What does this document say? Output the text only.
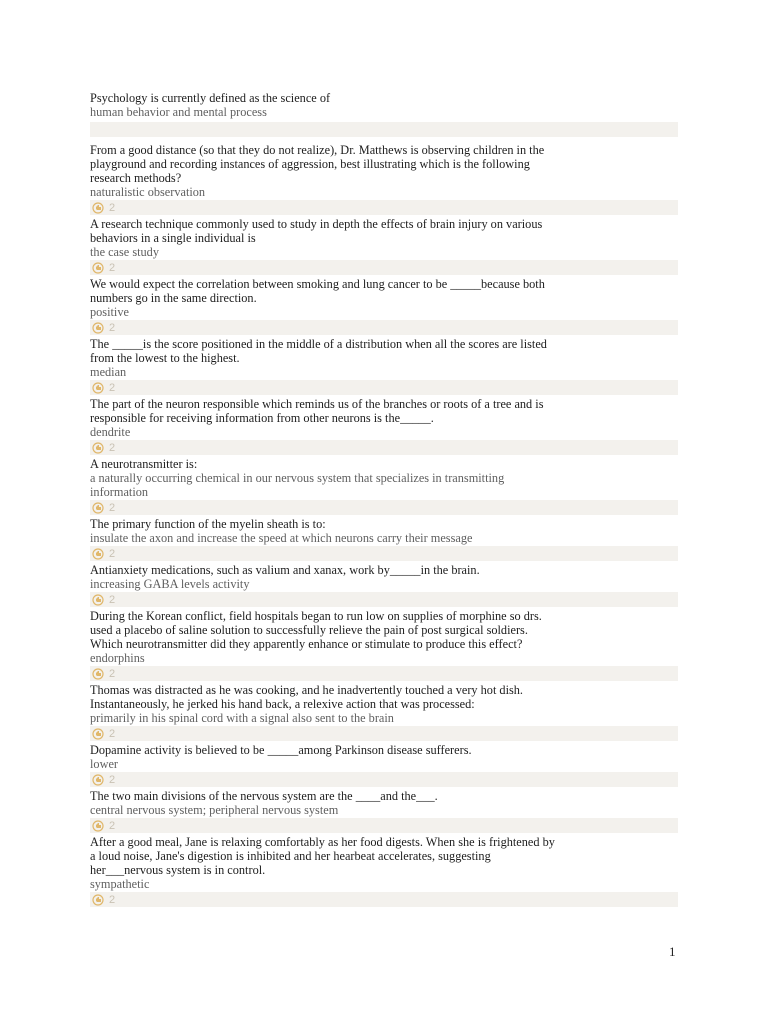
Psychology is currently defined as the science of

human behavior and mental process

From a good distance (so that they do not realize), Dr. Matthews is observing children in the playground and recording instances of aggression, best illustrating which is the following research methods?

naturalistic observation

2

A research technique commonly used to study in depth the effects of brain injury on various behaviors in a single individual is

the case study

2

We would expect the correlation between smoking and lung cancer to be _____because both numbers go in the same direction.

positive

2

The _____is the score positioned in the middle of a distribution when all the scores are listed from the lowest to the highest.

median

2

The part of the neuron responsible which reminds us of the branches or roots of a tree and is responsible for receiving information from other neurons is the_____.

dendrite

2

A neurotransmitter is:

a naturally occurring chemical in our nervous system that specializes in transmitting information

2

The primary function of the myelin sheath is to:

insulate the axon and increase the speed at which neurons carry their message

2

Antianxiety medications, such as valium and xanax, work by_____in the brain.

increasing GABA levels activity

2

During the Korean conflict, field hospitals began to run low on supplies of morphine so drs. used a placebo of saline solution to successfully relieve the pain of post surgical soldiers. Which neurotransmitter did they apparently enhance or stimulate to produce this effect?

endorphins

2

Thomas was distracted as he was cooking, and he inadvertently touched a very hot dish. Instantaneously, he jerked his hand back, a relexive action that was processed:

primarily in his spinal cord with a signal also sent to the brain

2

Dopamine activity is believed to be _____among Parkinson disease sufferers.

lower

2

The two main divisions of the nervous system are the ____and the___.

central nervous system; peripheral nervous system

2

After a good meal, Jane is relaxing comfortably as her food digests. When she is frightened by a loud noise, Jane's digestion is inhibited and her hearbeat accelerates, suggesting her___nervous system is in control.

sympathetic

2
1
